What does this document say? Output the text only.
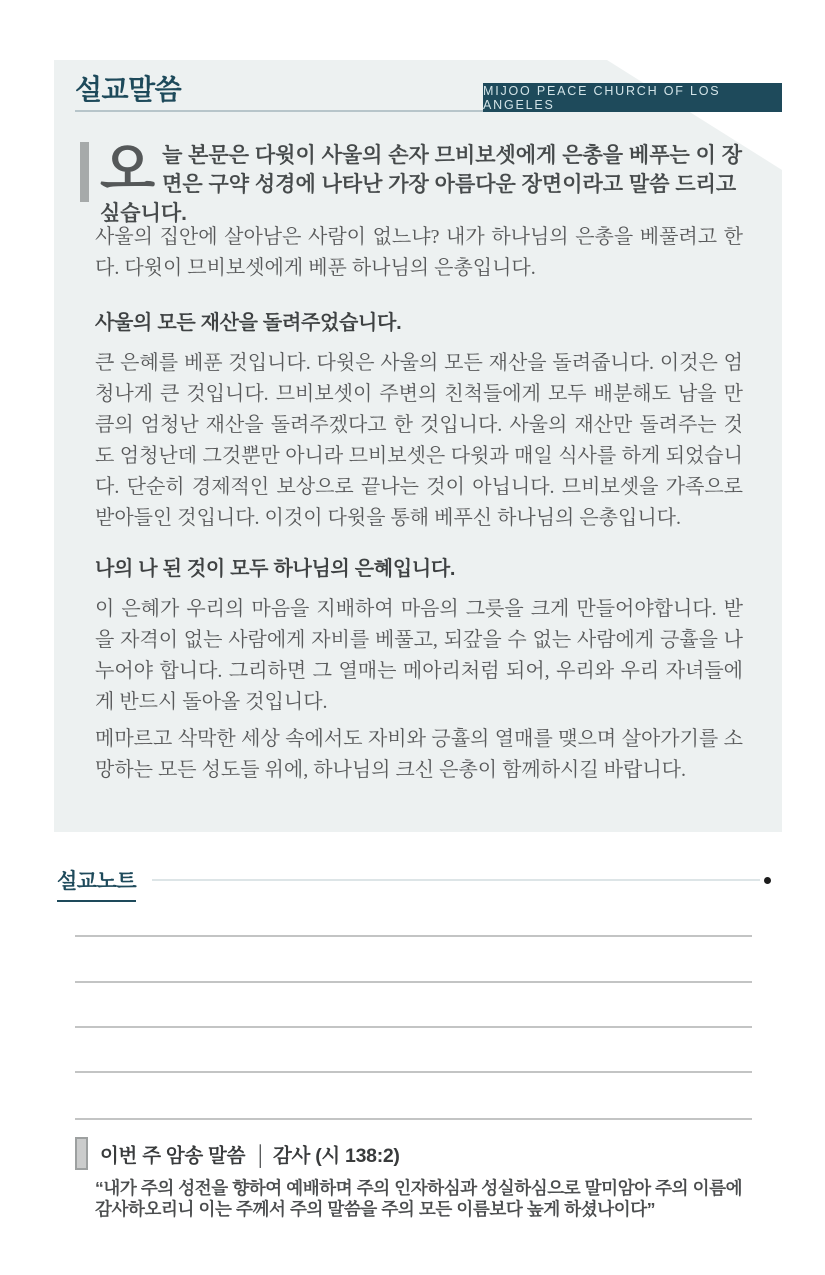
설교말씀	MIJOO PEACE CHURCH OF LOS ANGELES
오늘 본문은 다윗이 사울의 손자 므비보셋에게 은총을 베푸는 이 장면은 구약 성경에 나타난 가장 아름다운 장면이라고 말씀 드리고 싶습니다.
사울의 집안에 살아남은 사람이 없느냐? 내가 하나님의 은총을 베풀려고 한다. 다윗이 므비보셋에게 베푼 하나님의 은총입니다.
사울의 모든 재산을 돌려주었습니다.
큰 은혜를 베푼 것입니다. 다윗은 사울의 모든 재산을 돌려줍니다. 이것은 엄청나게 큰 것입니다. 므비보셋이 주변의 친척들에게 모두 배분해도 남을 만큼의 엄청난 재산을 돌려주겠다고 한 것입니다. 사울의 재산만 돌려주는 것도 엄청난데 그것뿐만 아니라 므비보셋은 다윗과 매일 식사를 하게 되었습니다. 단순히 경제적인 보상으로 끝나는 것이 아닙니다. 므비보셋을 가족으로 받아들인 것입니다. 이것이 다윗을 통해 베푸신 하나님의 은총입니다.
나의 나 된 것이 모두 하나님의 은혜입니다.
이 은혜가 우리의 마음을 지배하여 마음의 그릇을 크게 만들어야합니다. 받을 자격이 없는 사람에게 자비를 베풀고, 되갚을 수 없는 사람에게 긍휼을 나누어야 합니다. 그리하면 그 열매는 메아리처럼 되어, 우리와 우리 자녀들에게 반드시 돌아올 것입니다.
메마르고 삭막한 세상 속에서도 자비와 긍휼의 열매를 맺으며 살아가기를 소망하는 모든 성도들 위에, 하나님의 크신 은총이 함께하시길 바랍니다.
설교노트
이번 주 암송 말씀 │ 감사 (시 138:2)
“내가 주의 성전을 향하여 예배하며 주의 인자하심과 성실하심으로 말미암아 주의 이름에 감사하오리니 이는 주께서 주의 말씀을 주의 모든 이름보다 높게 하셨나이다”
